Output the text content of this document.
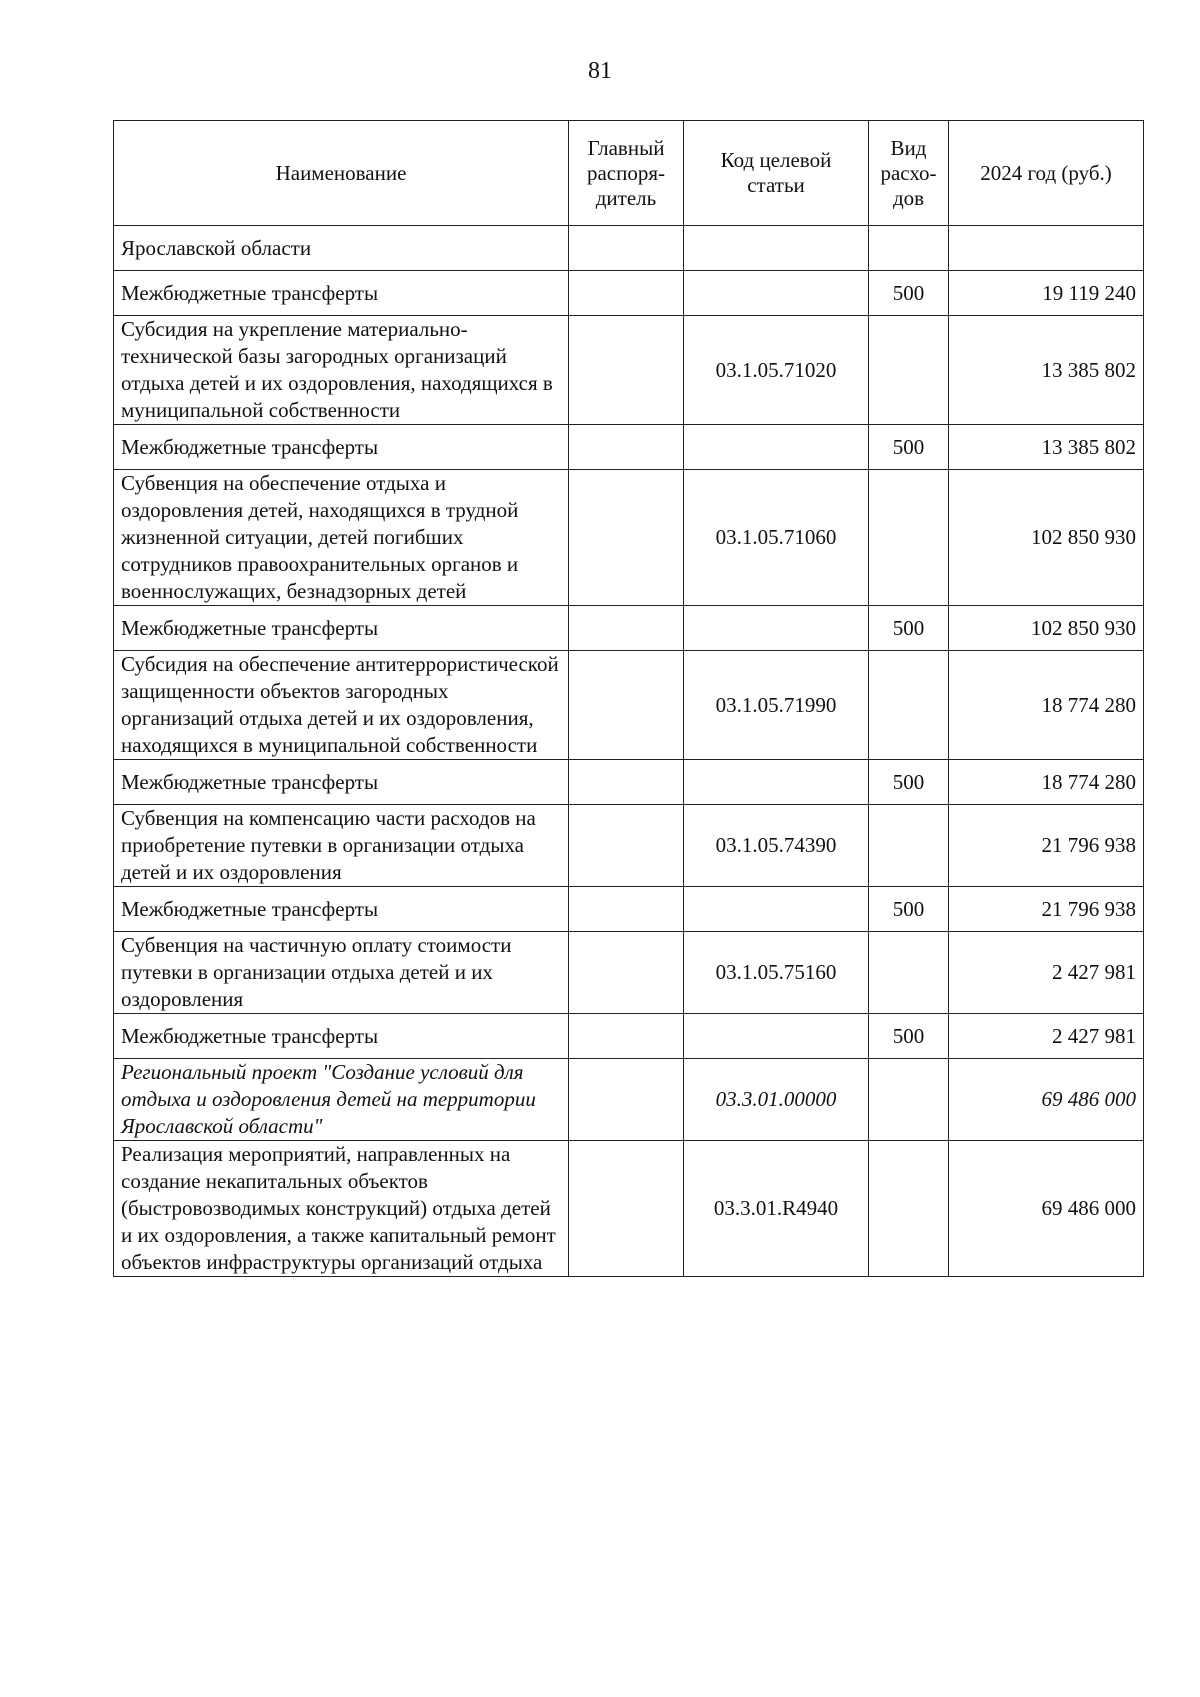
81
Наименование	Главный распоря-дитель	Код целевой статьи	Вид расхо-дов	2024 год (руб.)
Ярославской области				
Межбюджетные трансферты			500	19 119 240
Субсидия на укрепление материально-технической базы загородных организаций отдыха детей и их оздоровления, находящихся в муниципальной собственности		03.1.05.71020		13 385 802
Межбюджетные трансферты			500	13 385 802
Субвенция на обеспечение отдыха и оздоровления детей, находящихся в трудной жизненной ситуации, детей погибших сотрудников правоохранительных органов и военнослужащих, безнадзорных детей		03.1.05.71060		102 850 930
Межбюджетные трансферты			500	102 850 930
Субсидия на обеспечение антитеррористической защищенности объектов загородных организаций отдыха детей и их оздоровления, находящихся в муниципальной собственности		03.1.05.71990		18 774 280
Межбюджетные трансферты			500	18 774 280
Субвенция на компенсацию части расходов на приобретение путевки в организации отдыха детей и их оздоровления		03.1.05.74390		21 796 938
Межбюджетные трансферты			500	21 796 938
Субвенция на частичную оплату стоимости путевки в организации отдыха детей и их оздоровления		03.1.05.75160		2 427 981
Межбюджетные трансферты			500	2 427 981
Региональный проект "Создание условий для отдыха и оздоровления детей на территории Ярославской области"		03.3.01.00000		69 486 000
Реализация мероприятий, направленных на создание некапитальных объектов (быстровозводимых конструкций) отдыха детей и их оздоровления, а также капитальный ремонт объектов инфраструктуры организаций отдыха		03.3.01.R4940		69 486 000
